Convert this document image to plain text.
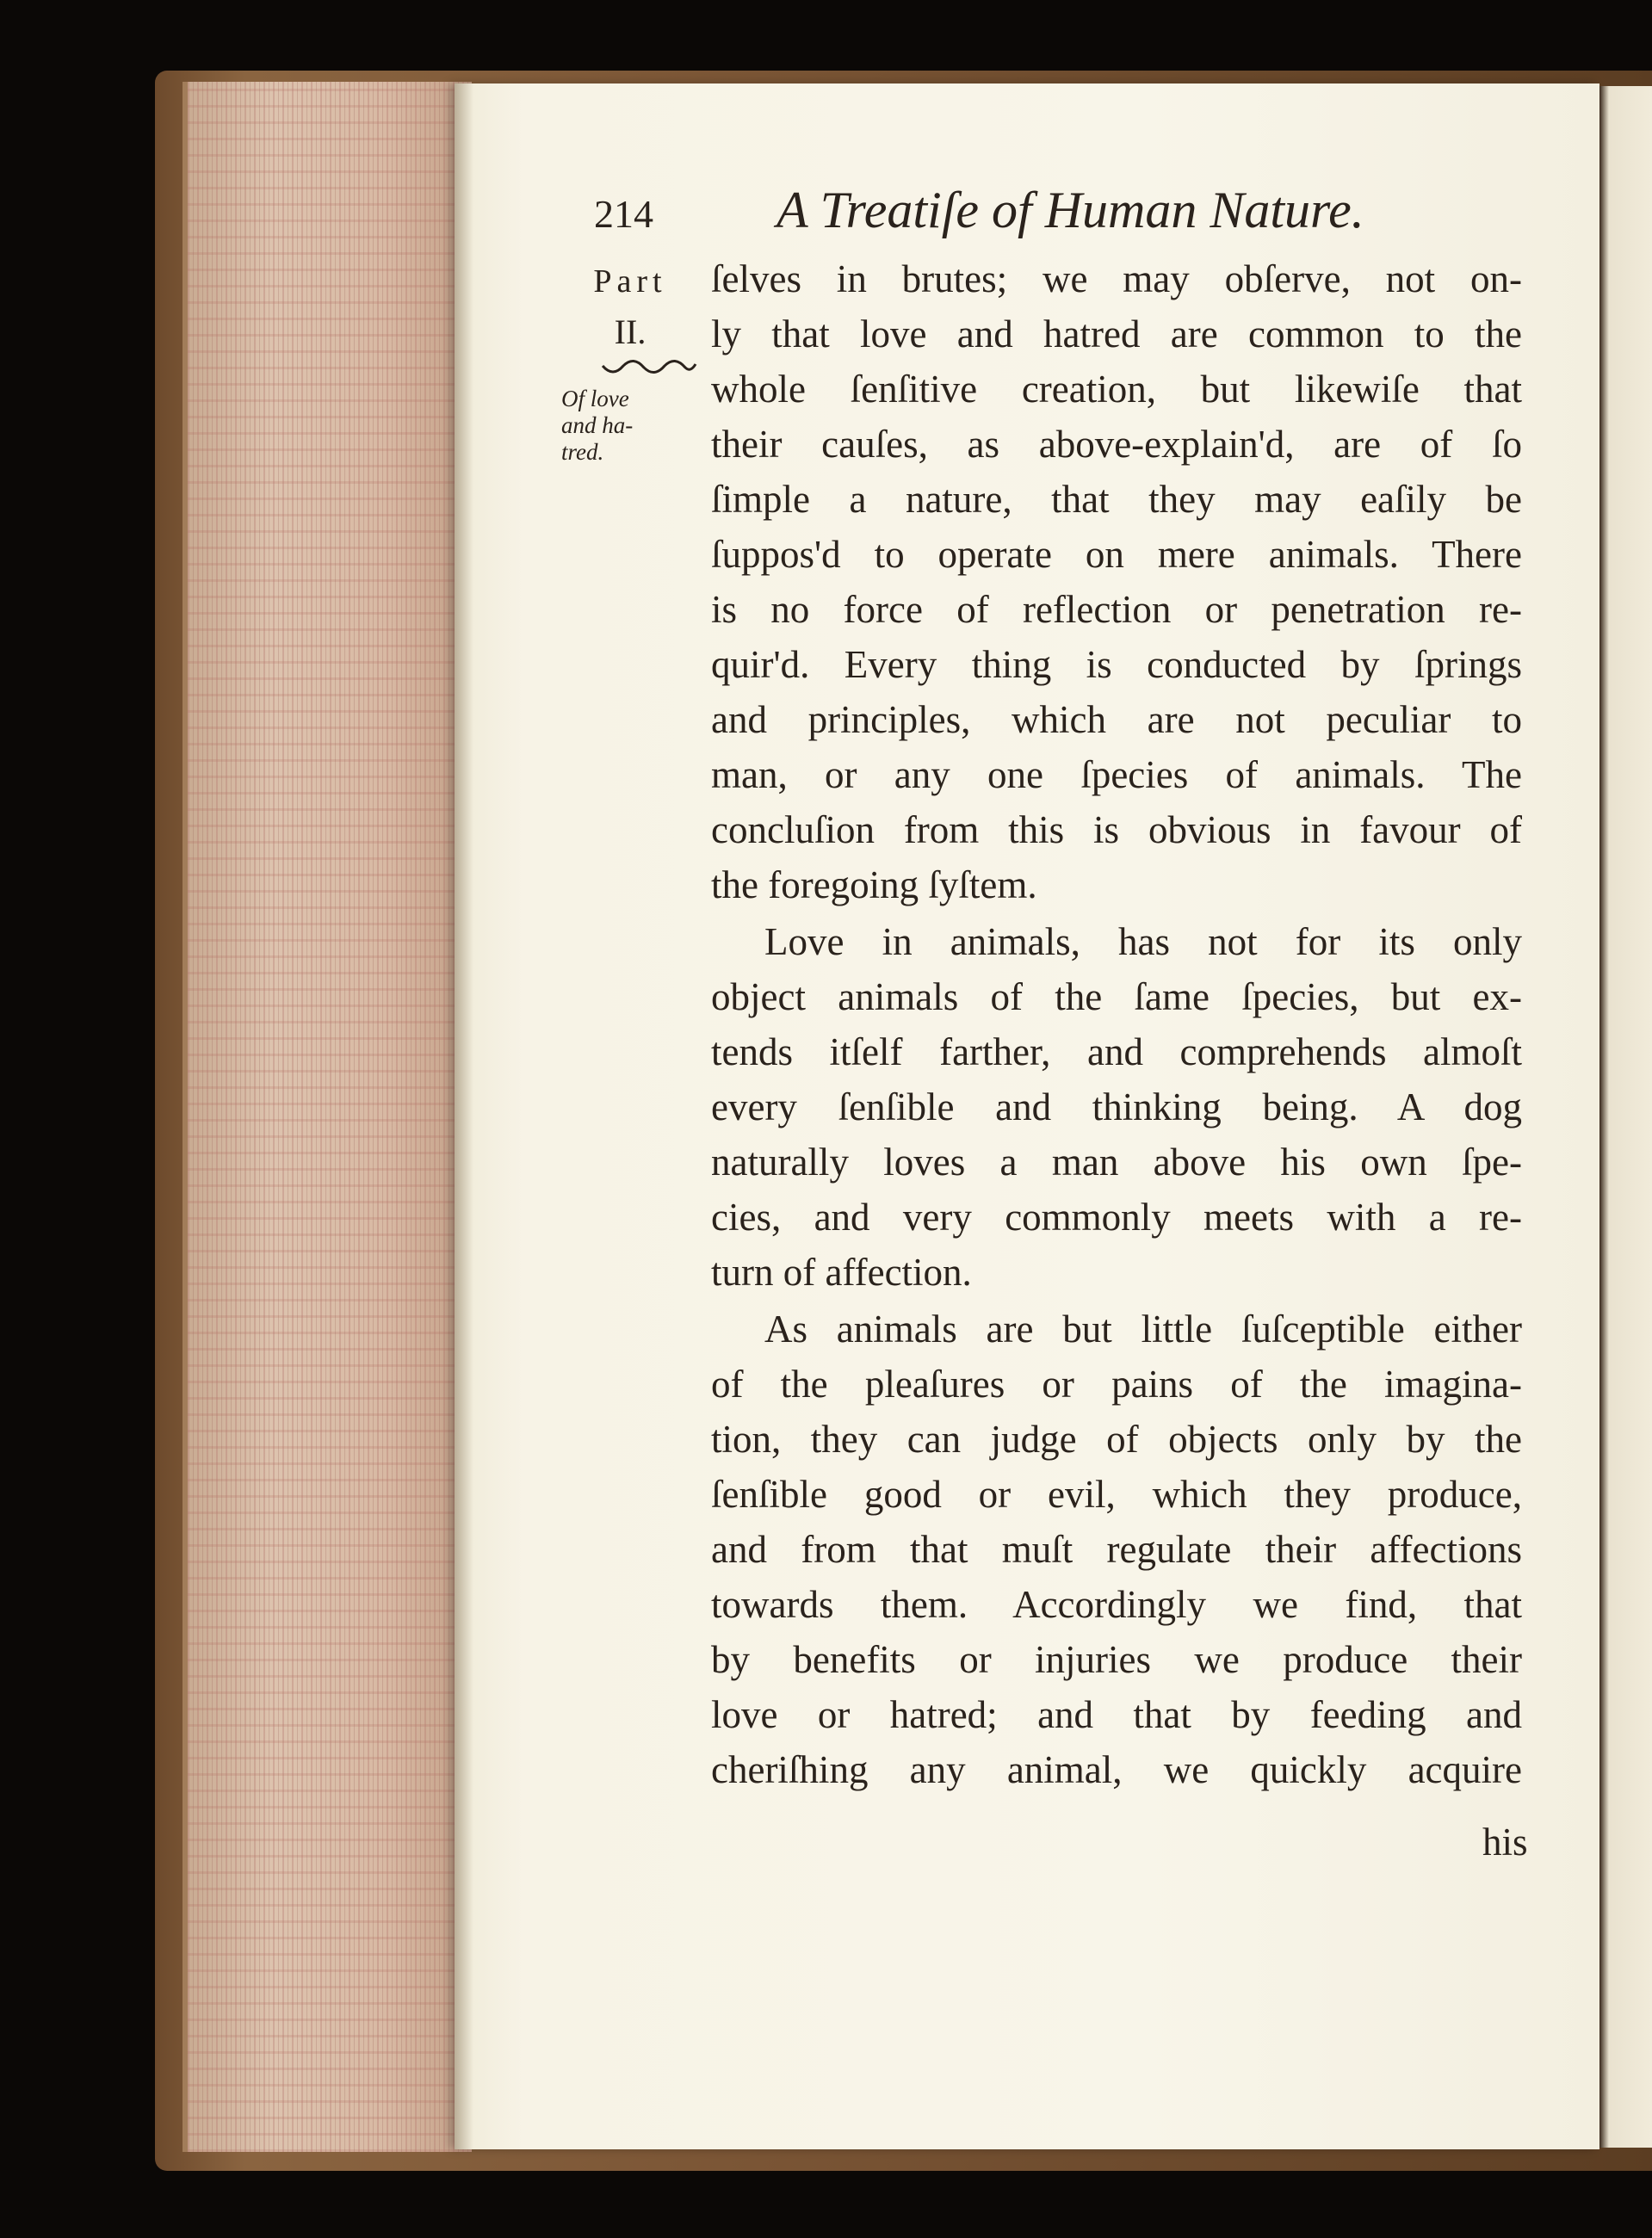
214 A Treatiſe of Human Nature.
Part
II.
Of love
and ha-
tred.
ſelves in brutes; we may obſerve, not on-
ly that love and hatred are common to the
whole ſenſitive creation, but likewiſe that
their cauſes, as above-explain'd, are of ſo
ſimple a nature, that they may eaſily be
ſuppos'd to operate on mere animals. There
is no force of reflection or penetration re-
quir'd. Every thing is conducted by ſprings
and principles, which are not peculiar to
man, or any one ſpecies of animals. The
concluſion from this is obvious in favour of
the foregoing ſyſtem.
Love in animals, has not for its only
object animals of the ſame ſpecies, but ex-
tends itſelf farther, and comprehends almoſt
every ſenſible and thinking being. A dog
naturally loves a man above his own ſpe-
cies, and very commonly meets with a re-
turn of affection.
As animals are but little ſuſceptible either
of the pleaſures or pains of the imagina-
tion, they can judge of objects only by the
ſenſible good or evil, which they produce,
and from that muſt regulate their affections
towards them. Accordingly we find, that
by benefits or injuries we produce their
love or hatred; and that by feeding and
cheriſhing any animal, we quickly acquire
his
